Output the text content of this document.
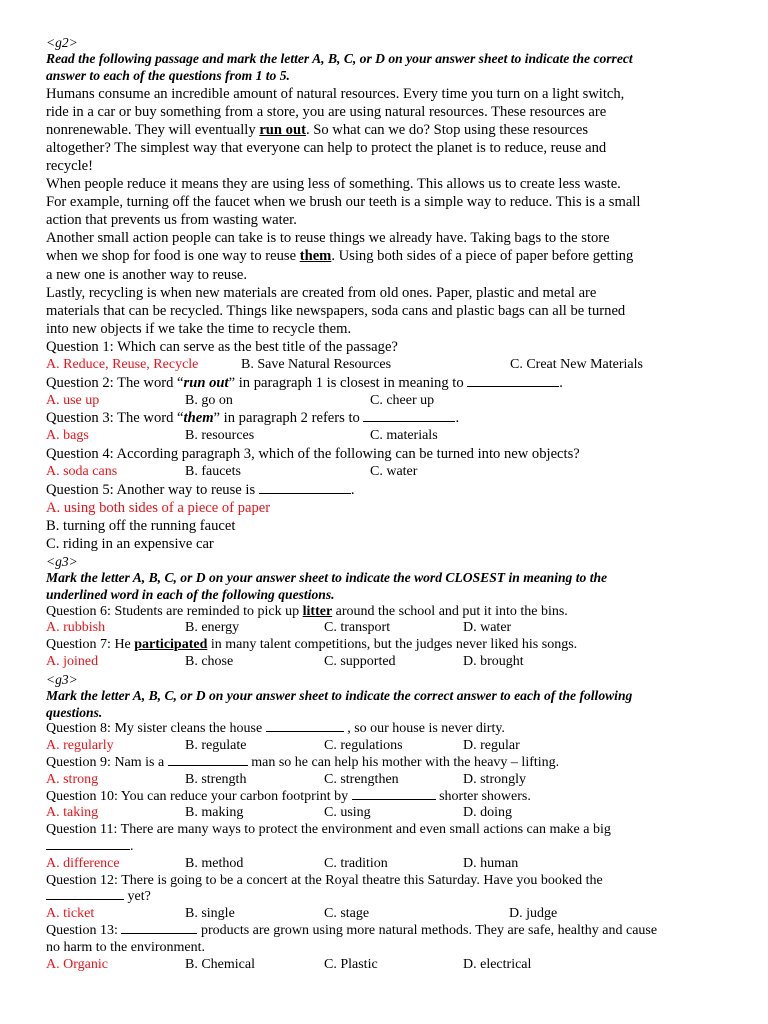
<g2>
Read the following passage and mark the letter A, B, C, or D on your answer sheet to indicate the correct
answer to each of the questions from 1 to 5.
Humans consume an incredible amount of natural resources. Every time you turn on a light switch,
ride in a car or buy something from a store, you are using natural resources. These resources are
nonrenewable. They will eventually run out. So what can we do? Stop using these resources
altogether? The simplest way that everyone can help to protect the planet is to reduce, reuse and
recycle!
When people reduce it means they are using less of something. This allows us to create less waste.
For example, turning off the faucet when we brush our teeth is a simple way to reduce. This is a small
action that prevents us from wasting water.
Another small action people can take is to reuse things we already have. Taking bags to the store
when we shop for food is one way to reuse them. Using both sides of a piece of paper before getting
a new one is another way to reuse.
Lastly, recycling is when new materials are created from old ones. Paper, plastic and metal are
materials that can be recycled. Things like newspapers, soda cans and plastic bags can all be turned
into new objects if we take the time to recycle them.
Question 1: Which can serve as the best title of the passage?
A. Reduce, Reuse, Recycle	B. Save Natural Resources	C. Creat New Materials
Question 2: The word “run out” in paragraph 1 is closest in meaning to	.
A. use up	B. go on	C. cheer up
Question 3: The word “them” in paragraph 2 refers to	.
A. bags	B. resources	C. materials
Question 4: According paragraph 3, which of the following can be turned into new objects?
A. soda cans	B. faucets	C. water
Question 5: Another way to reuse is	.
A. using both sides of a piece of paper
B. turning off the running faucet
C. riding in an expensive car
<g3>
Mark the letter A, B, C, or D on your answer sheet to indicate the word CLOSEST in meaning to the
underlined word in each of the following questions.
Question 6: Students are reminded to pick up litter around the school and put it into the bins.
A. rubbish	B. energy	C. transport	D. water
Question 7: He participated in many talent competitions, but the judges never liked his songs.
A. joined	B. chose	C. supported	D. brought
<g3>
Mark the letter A, B, C, or D on your answer sheet to indicate the correct answer to each of the following
questions.
Question 8: My sister cleans the house	, so our house is never dirty.
A. regularly	B. regulate	C. regulations	D. regular
Question 9: Nam is a	man so he can help his mother with the heavy – lifting.
A. strong	B. strength	C. strengthen	D. strongly
Question 10: You can reduce your carbon footprint by	shorter showers.
A. taking	B. making	C. using	D. doing
Question 11: There are many ways to protect the environment and even small actions can make a big
.
A. difference	B. method	C. tradition	D. human
Question 12: There is going to be a concert at the Royal theatre this Saturday. Have you booked the
yet?
A. ticket	B. single	C. stage	D. judge
Question 13:	products are grown using more natural methods. They are safe, healthy and cause
no harm to the environment.
A. Organic	B. Chemical	C. Plastic	D. electrical
